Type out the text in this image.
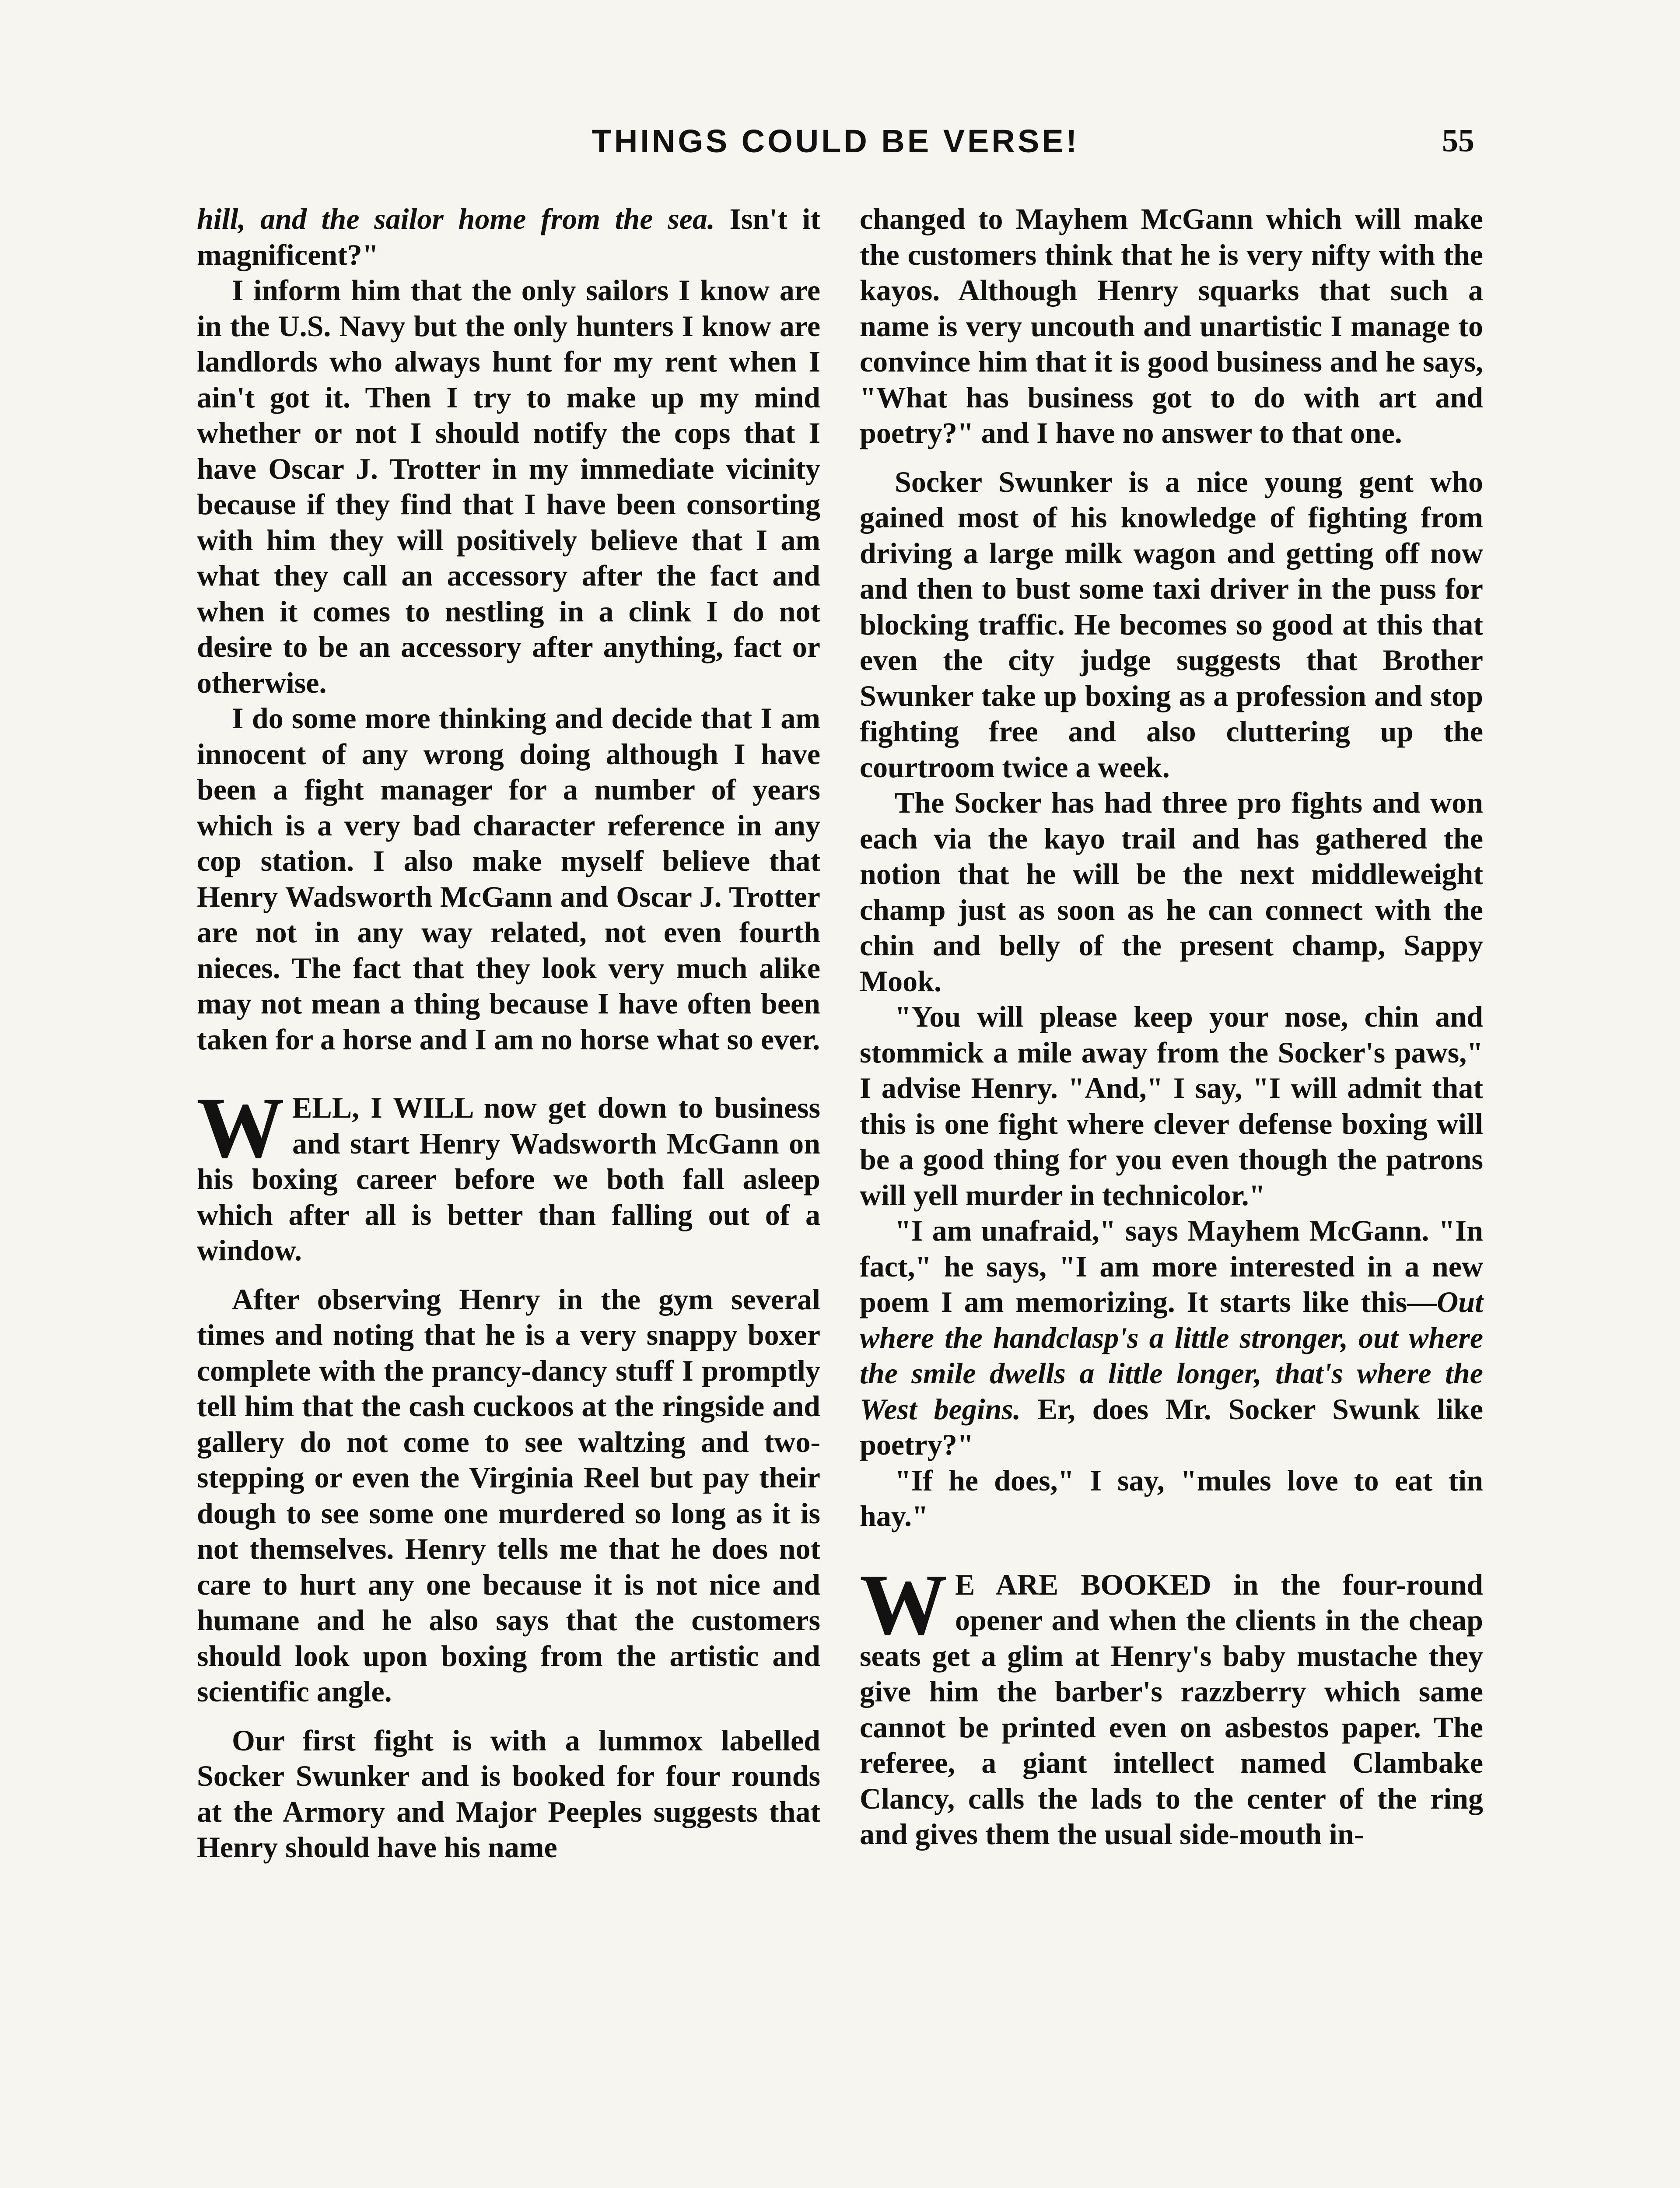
THINGS COULD BE VERSE!	55

hill, and the sailor home from the sea. Isn't it magnificent?"

I inform him that the only sailors I know are in the U.S. Navy but the only hunters I know are landlords who always hunt for my rent when I ain't got it. Then I try to make up my mind whether or not I should notify the cops that I have Oscar J. Trotter in my immediate vicinity because if they find that I have been consorting with him they will positively believe that I am what they call an accessory after the fact and when it comes to nestling in a clink I do not desire to be an accessory after anything, fact or otherwise.

I do some more thinking and decide that I am innocent of any wrong doing although I have been a fight manager for a number of years which is a very bad character reference in any cop station. I also make myself believe that Henry Wadsworth McGann and Oscar J. Trotter are not in any way related, not even fourth nieces. The fact that they look very much alike may not mean a thing because I have often been taken for a horse and I am no horse what so ever.

WELL, I WILL now get down to business and start Henry Wadsworth McGann on his boxing career before we both fall asleep which after all is better than falling out of a window.

After observing Henry in the gym several times and noting that he is a very snappy boxer complete with the prancy-dancy stuff I promptly tell him that the cash cuckoos at the ringside and gallery do not come to see waltzing and two-stepping or even the Virginia Reel but pay their dough to see some one murdered so long as it is not themselves. Henry tells me that he does not care to hurt any one because it is not nice and humane and he also says that the customers should look upon boxing from the artistic and scientific angle.

Our first fight is with a lummox labelled Socker Swunker and is booked for four rounds at the Armory and Major Peeples suggests that Henry should have his name

changed to Mayhem McGann which will make the customers think that he is very nifty with the kayos. Although Henry squarks that such a name is very uncouth and unartistic I manage to convince him that it is good business and he says, "What has business got to do with art and poetry?" and I have no answer to that one.

Socker Swunker is a nice young gent who gained most of his knowledge of fighting from driving a large milk wagon and getting off now and then to bust some taxi driver in the puss for blocking traffic. He becomes so good at this that even the city judge suggests that Brother Swunker take up boxing as a profession and stop fighting free and also cluttering up the courtroom twice a week.

The Socker has had three pro fights and won each via the kayo trail and has gathered the notion that he will be the next middleweight champ just as soon as he can connect with the chin and belly of the present champ, Sappy Mook.

"You will please keep your nose, chin and stommick a mile away from the Socker's paws," I advise Henry. "And," I say, "I will admit that this is one fight where clever defense boxing will be a good thing for you even though the patrons will yell murder in technicolor."

"I am unafraid," says Mayhem McGann. "In fact," he says, "I am more interested in a new poem I am memorizing. It starts like this—Out where the handclasp's a little stronger, out where the smile dwells a little longer, that's where the West begins. Er, does Mr. Socker Swunk like poetry?"

"If he does," I say, "mules love to eat tin hay."

W E ARE BOOKED in the four-round opener and when the clients in the cheap seats get a glim at Henry's baby mustache they give him the barber's razzberry which same cannot be printed even on asbestos paper. The referee, a giant intellect named Clambake Clancy, calls the lads to the center of the ring and gives them the usual side-mouth in-
